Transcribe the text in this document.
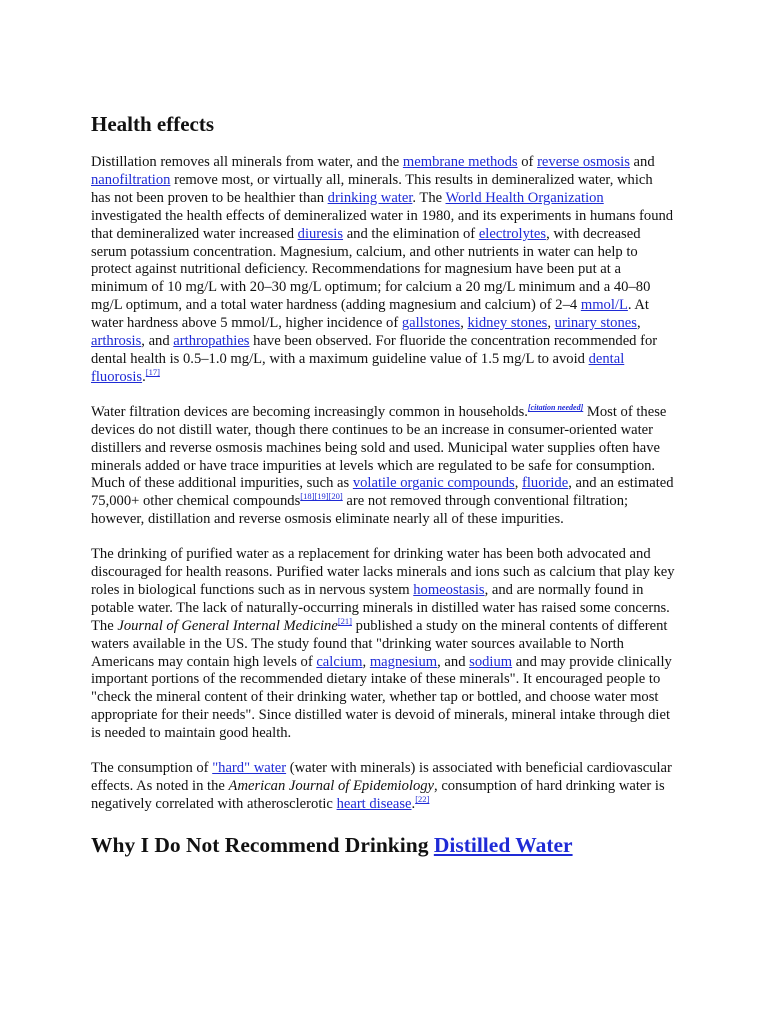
Health effects

Distillation removes all minerals from water, and the membrane methods of reverse osmosis and nanofiltration remove most, or virtually all, minerals. This results in demineralized water, which has not been proven to be healthier than drinking water. The World Health Organization investigated the health effects of demineralized water in 1980, and its experiments in humans found that demineralized water increased diuresis and the elimination of electrolytes, with decreased serum potassium concentration. Magnesium, calcium, and other nutrients in water can help to protect against nutritional deficiency. Recommendations for magnesium have been put at a minimum of 10 mg/L with 20–30 mg/L optimum; for calcium a 20 mg/L minimum and a 40–80 mg/L optimum, and a total water hardness (adding magnesium and calcium) of 2–4 mmol/L. At water hardness above 5 mmol/L, higher incidence of gallstones, kidney stones, urinary stones, arthrosis, and arthropathies have been observed. For fluoride the concentration recommended for dental health is 0.5–1.0 mg/L, with a maximum guideline value of 1.5 mg/L to avoid dental fluorosis.[17]

Water filtration devices are becoming increasingly common in households.[citation needed] Most of these devices do not distill water, though there continues to be an increase in consumer-oriented water distillers and reverse osmosis machines being sold and used. Municipal water supplies often have minerals added or have trace impurities at levels which are regulated to be safe for consumption. Much of these additional impurities, such as volatile organic compounds, fluoride, and an estimated 75,000+ other chemical compounds[18][19][20] are not removed through conventional filtration; however, distillation and reverse osmosis eliminate nearly all of these impurities.

The drinking of purified water as a replacement for drinking water has been both advocated and discouraged for health reasons. Purified water lacks minerals and ions such as calcium that play key roles in biological functions such as in nervous system homeostasis, and are normally found in potable water. The lack of naturally-occurring minerals in distilled water has raised some concerns. The Journal of General Internal Medicine[21] published a study on the mineral contents of different waters available in the US. The study found that "drinking water sources available to North Americans may contain high levels of calcium, magnesium, and sodium and may provide clinically important portions of the recommended dietary intake of these minerals". It encouraged people to "check the mineral content of their drinking water, whether tap or bottled, and choose water most appropriate for their needs". Since distilled water is devoid of minerals, mineral intake through diet is needed to maintain good health.

The consumption of "hard" water (water with minerals) is associated with beneficial cardiovascular effects. As noted in the American Journal of Epidemiology, consumption of hard drinking water is negatively correlated with atherosclerotic heart disease.[22]

Why I Do Not Recommend Drinking Distilled Water
